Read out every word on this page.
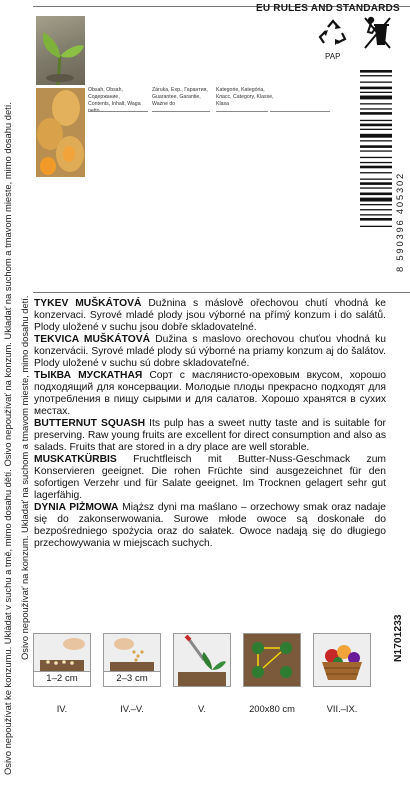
Osivo nepoužívat ke konzumu. Uklàdat v suchu a tmě, mimo dosahu dětí. Osivo nepoužívať na konzum. Ukladať na suchom a tmavom mieste, mimo dosahu detí. Osivo nepoužívať na konzum. Ukladať na suchom a tmavom mieste, mimo dosahu detí.
EU RULES AND STANDARDS
PAP
Obsah, Obsah, Содержание, Contents, Inhalt, Waga netto
Záruka, Exp., Гарантия, Guarantee, Garantie, Ważne do
Kategorie, Kategória, Класс, Category, Klasse, Klasa
8 590396 405302

TYKEV MUŠKÁTOVÁ Dužnina s máslově ořechovou chutí vhodná ke konzervaci. Syrové mladé plody jsou výborné na přímý konzum i do salátů. Plody uložené v suchu jsou dobře skladovatelné.

TEKVICA MUŠKÁTOVÁ Dužina s maslovo orechovou chuťou vhodná ku konzervácii. Syrové mladé plody sú výborné na priamy konzum aj do šalátov. Plody uložené v suchu sú dobre skladovateľné.

ТЫКВА МУСКАТНАЯ Сорт с маслянисто-ореховым вкусом, хорошо подходящий для консервации. Молодые плоды прекрасно подходят для употребления в пищу сырыми и для салатов. Хорошо хранятся в сухих местах.

BUTTERNUT SQUASH Its pulp has a sweet nutty taste and is suitable for preserving. Raw young fruits are excellent for direct consumption and also as salads. Fruits that are stored in a dry place are well storable.

MUSKATKÜRBIS Fruchtfleisch mit Butter-Nuss-Geschmack zum Konservieren geeignet. Die rohen Früchte sind ausgezeichnet für den sofortigen Verzehr und für Salate geeignet. Im Trocknen gelagert sehr gut lagerfähig.

DYNIA PIŻMOWA Miąższ dyni ma maślano – orzechowy smak oraz nadaje się do zakonserwowania. Surowe młode owoce są doskonałe do bezpośredniego spożycia oraz do sałatek. Owoce nadają się do długiego przechowywania w miejscach suchych.

N1701233
1–2 cm	2–3 cm
IV.	IV.–V.	V.	200x80 cm	VII.–IX.
